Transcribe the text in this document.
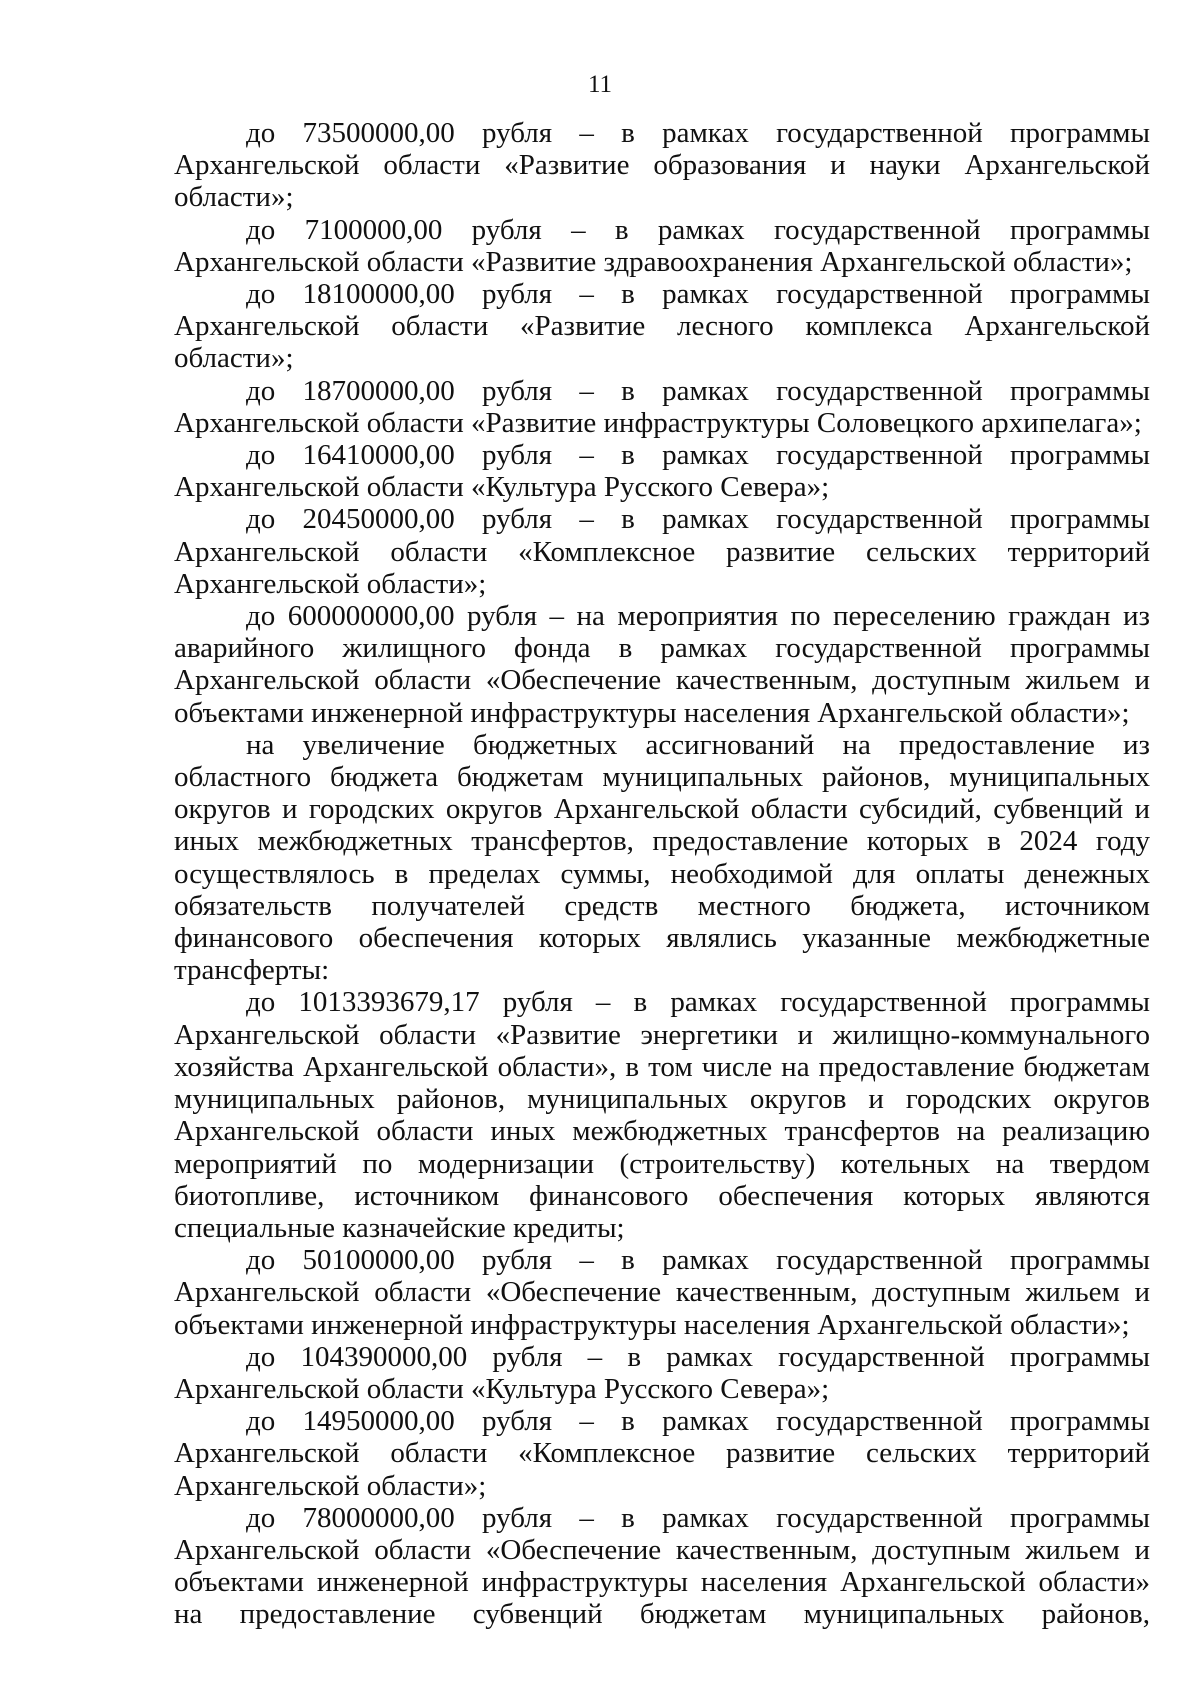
11

до 73500000,00 рубля – в рамках государственной программы Архангельской области «Развитие образования и науки Архангельской области»;

до 7100000,00 рубля – в рамках государственной программы Архангельской области «Развитие здравоохранения Архангельской области»;

до 18100000,00 рубля – в рамках государственной программы Архангельской области «Развитие лесного комплекса Архангельской области»;

до 18700000,00 рубля – в рамках государственной программы Архангельской области «Развитие инфраструктуры Соловецкого архипелага»;

до 16410000,00 рубля – в рамках государственной программы Архангельской области «Культура Русского Севера»;

до 20450000,00 рубля – в рамках государственной программы Архангельской области «Комплексное развитие сельских территорий Архангельской области»;

до 600000000,00 рубля – на мероприятия по переселению граждан из аварийного жилищного фонда в рамках государственной программы Архангельской области «Обеспечение качественным, доступным жильем и объектами инженерной инфраструктуры населения Архангельской области»;

на увеличение бюджетных ассигнований на предоставление из областного бюджета бюджетам муниципальных районов, муниципальных округов и городских округов Архангельской области субсидий, субвенций и иных межбюджетных трансфертов, предоставление которых в 2024 году осуществлялось в пределах суммы, необходимой для оплаты денежных обязательств получателей средств местного бюджета, источником финансового обеспечения которых являлись указанные межбюджетные трансферты:

до 1013393679,17 рубля – в рамках государственной программы Архангельской области «Развитие энергетики и жилищно-коммунального хозяйства Архангельской области», в том числе на предоставление бюджетам муниципальных районов, муниципальных округов и городских округов Архангельской области иных межбюджетных трансфертов на реализацию мероприятий по модернизации (строительству) котельных на твердом биотопливе, источником финансового обеспечения которых являются специальные казначейские кредиты;

до 50100000,00 рубля – в рамках государственной программы Архангельской области «Обеспечение качественным, доступным жильем и объектами инженерной инфраструктуры населения Архангельской области»;

до 104390000,00 рубля – в рамках государственной программы Архангельской области «Культура Русского Севера»;

до 14950000,00 рубля – в рамках государственной программы Архангельской области «Комплексное развитие сельских территорий Архангельской области»;

до 78000000,00 рубля – в рамках государственной программы Архангельской области «Обеспечение качественным, доступным жильем и объектами инженерной инфраструктуры населения Архангельской области» на предоставление субвенций бюджетам муниципальных районов,
